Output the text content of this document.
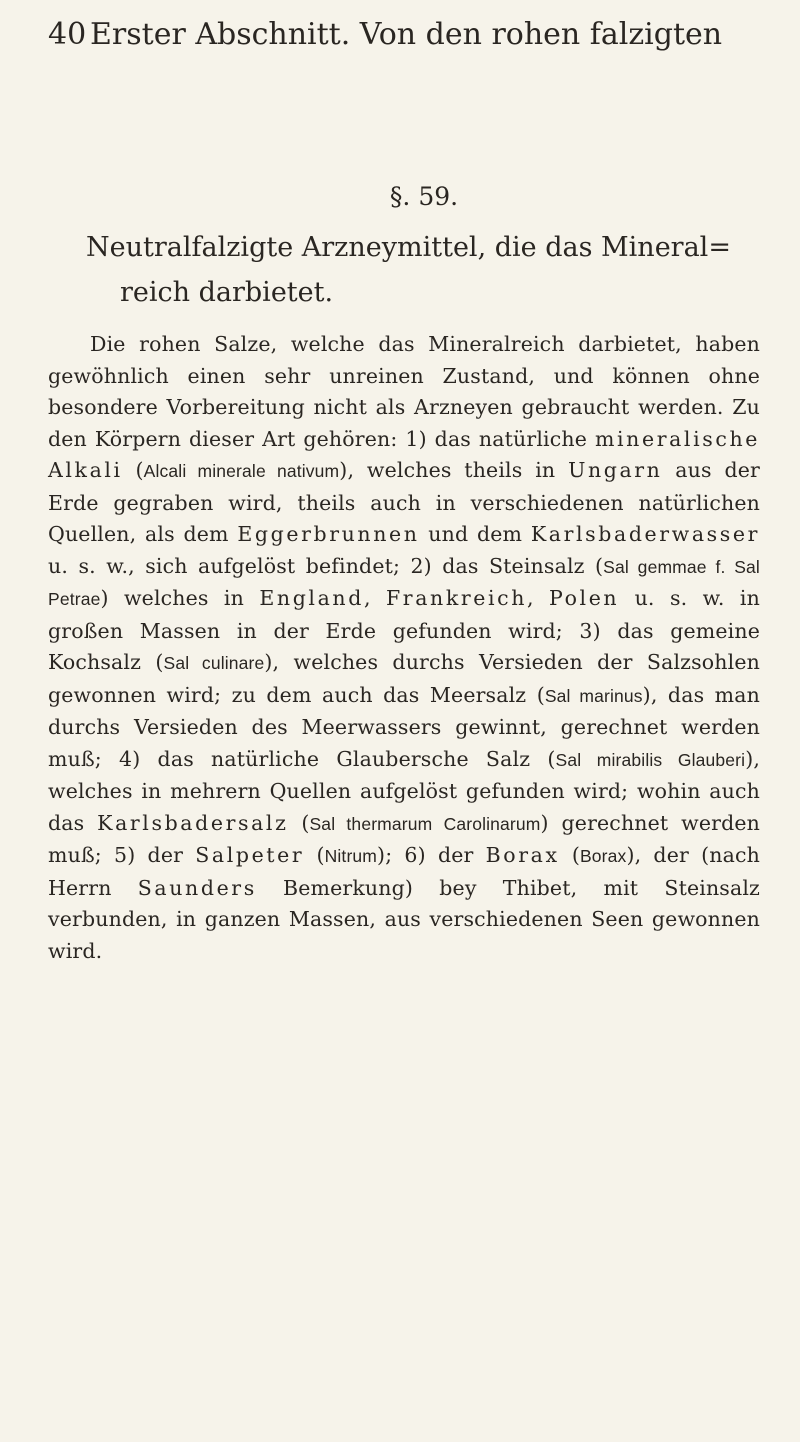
40 Erster Abschnitt. Von den rohen falzigten
§. 59.
Neutralfalzigte Arzneymittel, die das Mineral=
reich darbietet.

Die rohen Salze, welche das Mineralreich darbietet, haben gewöhnlich einen sehr unreinen Zustand, und können ohne besondere Vorbereitung nicht als Arzneyen gebraucht werden. Zu den Körpern dieser Art gehören: 1) das natürliche mineralische Alkali (Alcali minerale nativum), welches theils in Ungarn aus der Erde gegraben wird, theils auch in verschiedenen natürlichen Quellen, als dem Eggerbrunnen und dem Karlsbaderwasser u. s. w., sich aufgelöst befindet; 2) das Steinsalz (Sal gemmae f. Sal Petrae) welches in England, Frankreich, Polen u. s. w. in großen Massen in der Erde gefunden wird; 3) das gemeine Kochsalz (Sal culinare), welches durchs Versieden der Salzsohlen gewonnen wird; zu dem auch das Meersalz (Sal marinus), das man durchs Versieden des Meerwassers gewinnt, gerechnet werden muß; 4) das natürliche Glaubersche Salz (Sal mirabilis Glauberi), welches in mehrern Quellen aufgelöst gefunden wird; wohin auch das Karlsbadersalz (Sal thermarum Carolinarum) gerechnet werden muß; 5) der Salpeter (Nitrum); 6) der Borax (Borax), der (nach Herrn Saunders Bemerkung) bey Thibet, mit Steinsalz verbunden, in ganzen Massen, aus verschiedenen Seen gewonnen wird.
